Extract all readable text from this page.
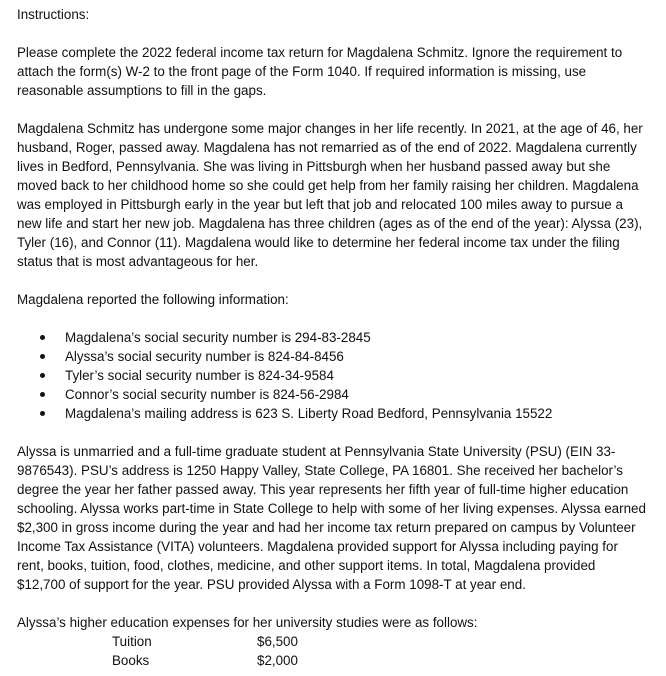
Instructions:

Please complete the 2022 federal income tax return for Magdalena Schmitz. Ignore the requirement to attach the form(s) W-2 to the front page of the Form 1040. If required information is missing, use reasonable assumptions to fill in the gaps.

Magdalena Schmitz has undergone some major changes in her life recently. In 2021, at the age of 46, her husband, Roger, passed away. Magdalena has not remarried as of the end of 2022. Magdalena currently lives in Bedford, Pennsylvania. She was living in Pittsburgh when her husband passed away but she moved back to her childhood home so she could get help from her family raising her children. Magdalena was employed in Pittsburgh early in the year but left that job and relocated 100 miles away to pursue a new life and start her new job. Magdalena has three children (ages as of the end of the year): Alyssa (23), Tyler (16), and Connor (11). Magdalena would like to determine her federal income tax under the filing status that is most advantageous for her.

Magdalena reported the following information:

Magdalena’s social security number is 294-83-2845
Alyssa’s social security number is 824-84-8456
Tyler’s social security number is 824-34-9584
Connor’s social security number is 824-56-2984
Magdalena’s mailing address is 623 S. Liberty Road Bedford, Pennsylvania 15522

Alyssa is unmarried and a full-time graduate student at Pennsylvania State University (PSU) (EIN 33-9876543). PSU’s address is 1250 Happy Valley, State College, PA 16801. She received her bachelor’s degree the year her father passed away. This year represents her fifth year of full-time higher education schooling. Alyssa works part-time in State College to help with some of her living expenses. Alyssa earned $2,300 in gross income during the year and had her income tax return prepared on campus by Volunteer Income Tax Assistance (VITA) volunteers. Magdalena provided support for Alyssa including paying for rent, books, tuition, food, clothes, medicine, and other support items. In total, Magdalena provided $12,700 of support for the year. PSU provided Alyssa with a Form 1098-T at year end.

Alyssa’s higher education expenses for her university studies were as follows:

Tuition	$6,500
Books	$2,000
